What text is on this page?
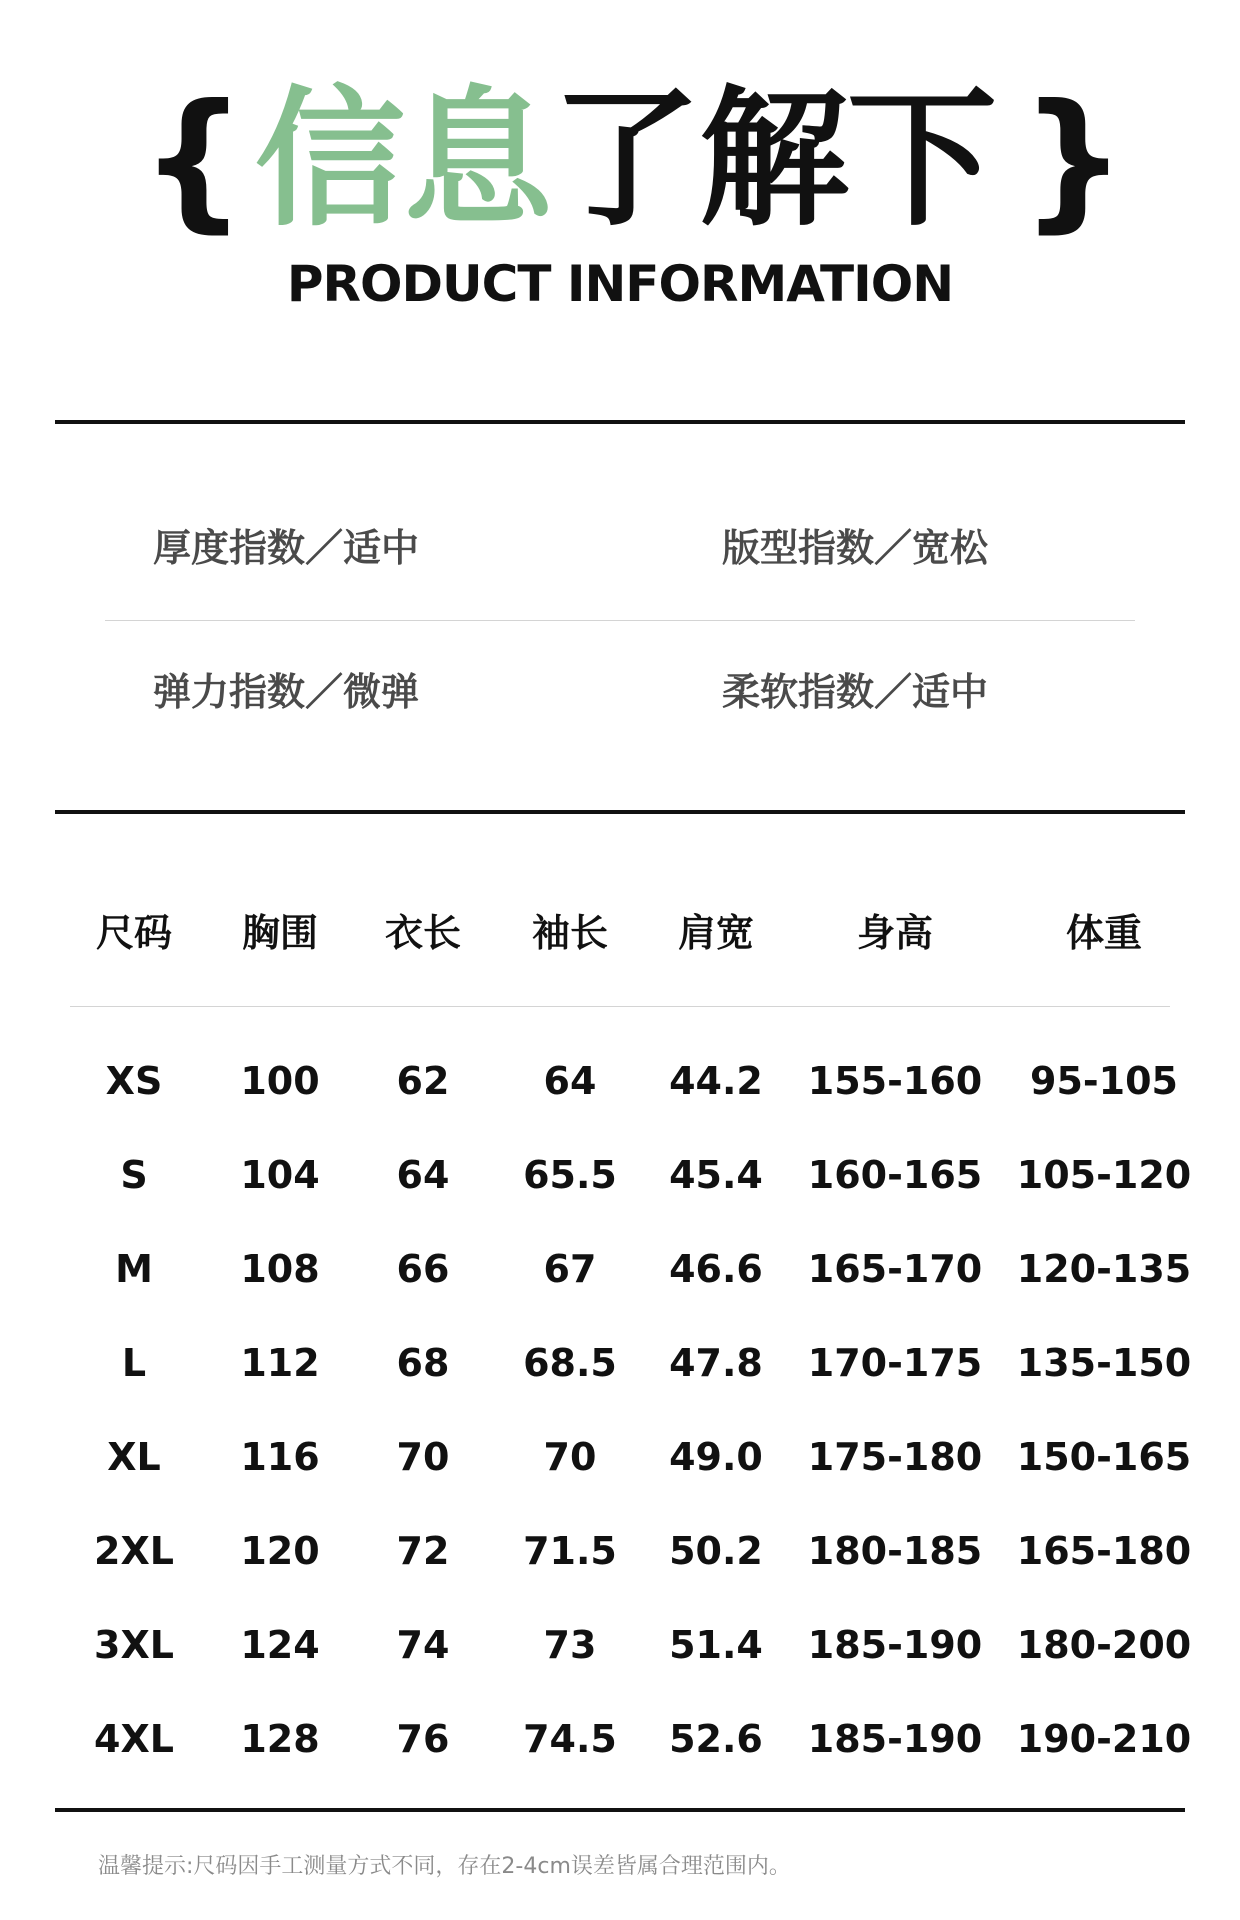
{ 信息了解下 }
PRODUCT INFORMATION
厚度指数／适中	版型指数／宽松
弹力指数／微弹	柔软指数／适中
尺码 胸围 衣长 袖长 肩宽	身高	体重
XS 100 62 64 44.2 155-160 95-105
S 104 64 65.5 45.4 160-165 105-120
M 108 66 67 46.6 165-170 120-135
L 112 68 68.5 47.8 170-175 135-150
XL 116 70 70 49.0 175-180 150-165
2XL 120 72 71.5 50.2 180-185 165-180
3XL 124 74 73 51.4 185-190 180-200
4XL 128 76 74.5 52.6 185-190 190-210
温馨提示:尺码因手工测量方式不同，存在2-4cm误差皆属合理范围内。
